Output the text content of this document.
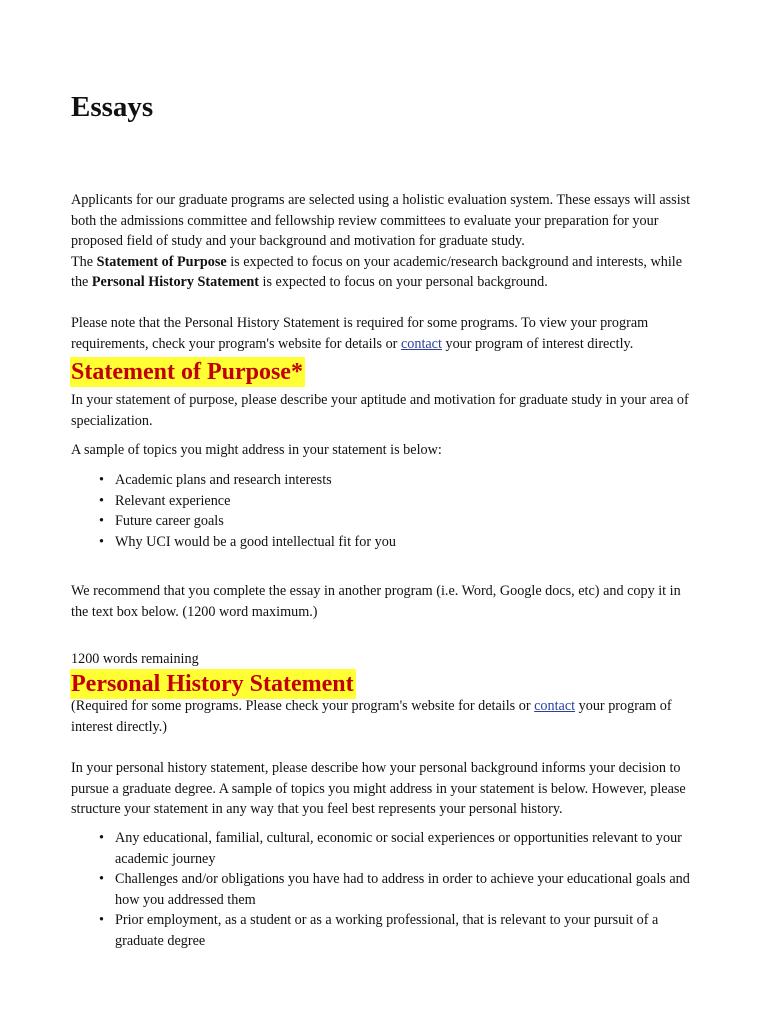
Essays

Applicants for our graduate programs are selected using a holistic evaluation system. These essays will assist both the admissions committee and fellowship review committees to evaluate your preparation for your proposed field of study and your background and motivation for graduate study.

The Statement of Purpose is expected to focus on your academic/research background and interests, while the Personal History Statement is expected to focus on your personal background.

Please note that the Personal History Statement is required for some programs. To view your program requirements, check your program's website for details or contact your program of interest directly.

Statement of Purpose*

In your statement of purpose, please describe your aptitude and motivation for graduate study in your area of specialization.

A sample of topics you might address in your statement is below:

• Academic plans and research interests
• Relevant experience
• Future career goals
• Why UCI would be a good intellectual fit for you

We recommend that you complete the essay in another program (i.e. Word, Google docs, etc) and copy it in the text box below. (1200 word maximum.)

1200 words remaining

Personal History Statement

(Required for some programs. Please check your program's website for details or contact your program of interest directly.)

In your personal history statement, please describe how your personal background informs your decision to pursue a graduate degree. A sample of topics you might address in your statement is below. However, please structure your statement in any way that you feel best represents your personal history.

• Any educational, familial, cultural, economic or social experiences or opportunities relevant to your academic journey
• Challenges and/or obligations you have had to address in order to achieve your educational goals and how you addressed them
• Prior employment, as a student or as a working professional, that is relevant to your pursuit of a graduate degree
